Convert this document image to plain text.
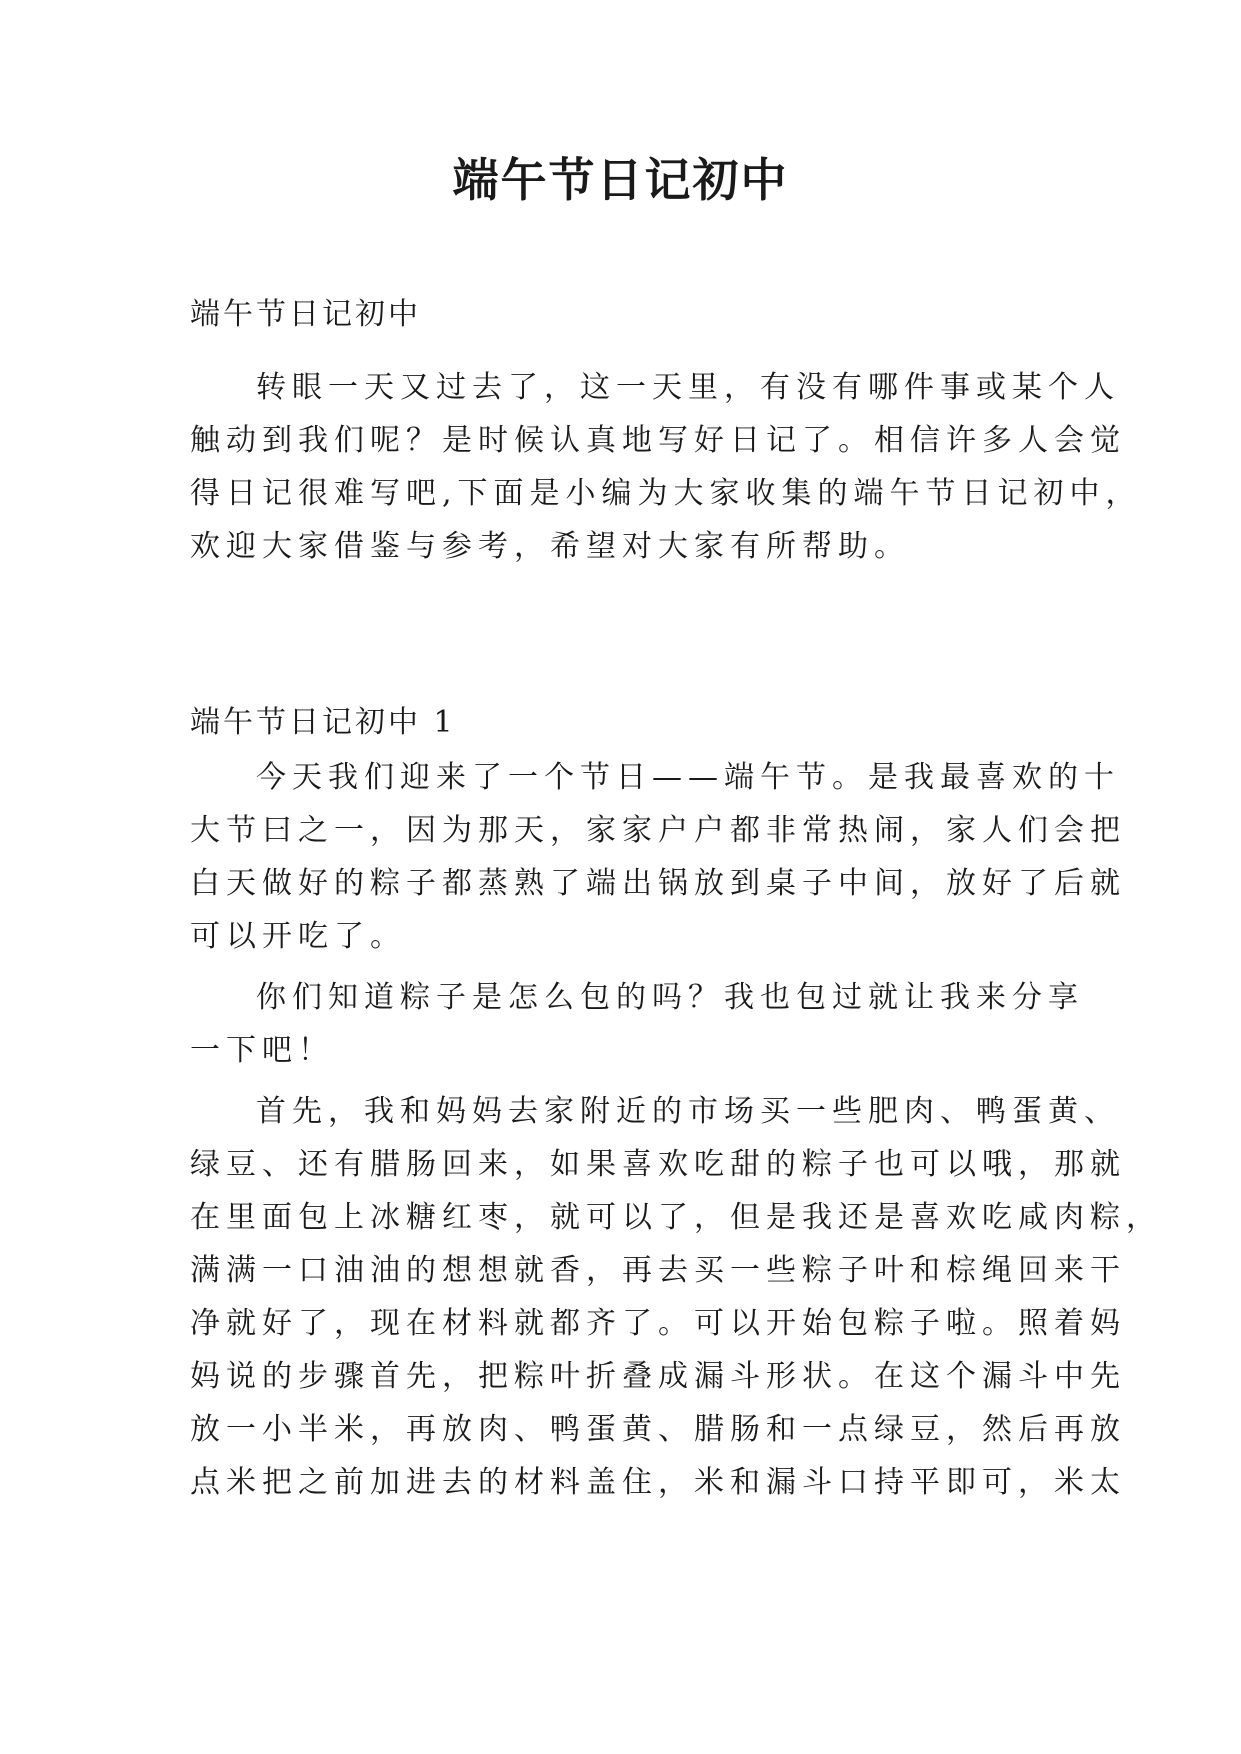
端午节日记初中

端午节日记初中

转眼一天又过去了，这一天里，有没有哪件事或某个人

触动到我们呢？是时候认真地写好日记了。相信许多人会觉

得日记很难写吧,下面是小编为大家收集的端午节日记初中，

欢迎大家借鉴与参考，希望对大家有所帮助。

端午节日记初中 1

今天我们迎来了一个节日——端午节。是我最喜欢的十

大节曰之一，因为那天，家家户户都非常热闹，家人们会把

白天做好的粽子都蒸熟了端出锅放到桌子中间，放好了后就

可以开吃了。

你们知道粽子是怎么包的吗？我也包过就让我来分享

一下吧！

首先，我和妈妈去家附近的市场买一些肥肉、鸭蛋黄、

绿豆、还有腊肠回来，如果喜欢吃甜的粽子也可以哦，那就

在里面包上冰糖红枣，就可以了，但是我还是喜欢吃咸肉粽，

满满一口油油的想想就香，再去买一些粽子叶和棕绳回来干

净就好了，现在材料就都齐了。可以开始包粽子啦。照着妈

妈说的步骤首先，把粽叶折叠成漏斗形状。在这个漏斗中先

放一小半米，再放肉、鸭蛋黄、腊肠和一点绿豆，然后再放

点米把之前加进去的材料盖住，米和漏斗口持平即可，米太
